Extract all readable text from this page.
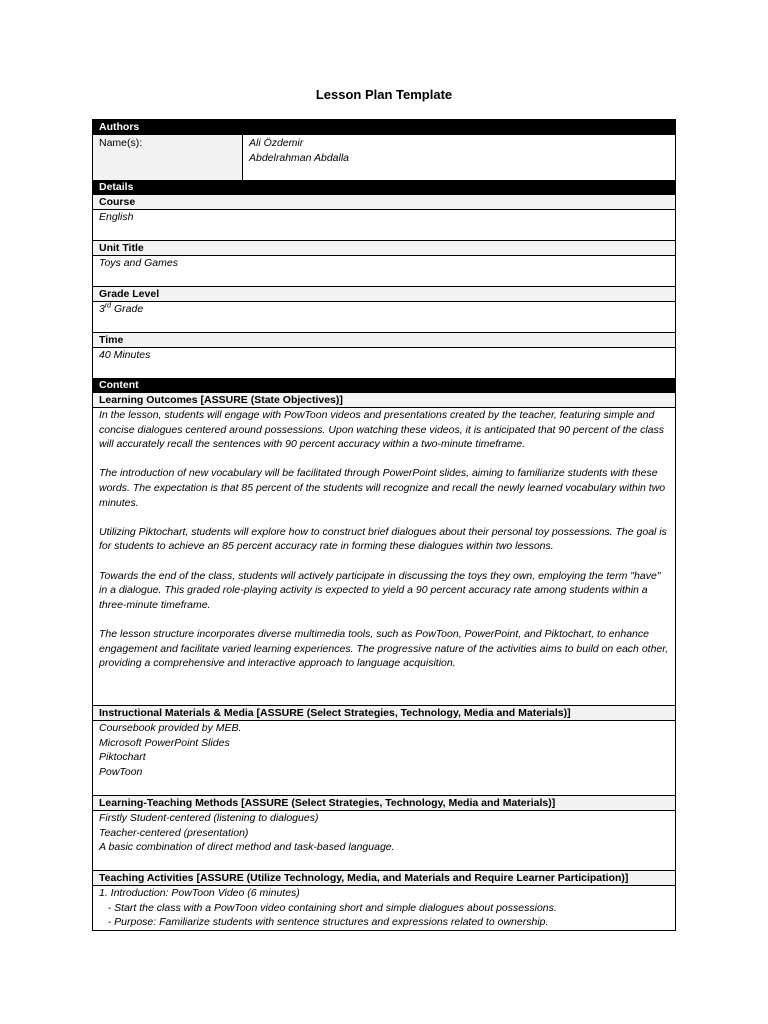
Lesson Plan Template
Authors
Name(s):	Ali Özdemir
Abdelrahman Abdalla
Details
Course
English
Unit Title
Toys and Games
Grade Level
3rd Grade
Time
40 Minutes
Content
Learning Outcomes [ASSURE (State Objectives)]

In the lesson, students will engage with PowToon videos and presentations created by the teacher, featuring simple and concise dialogues centered around possessions. Upon watching these videos, it is anticipated that 90 percent of the class will accurately recall the sentences with 90 percent accuracy within a two-minute timeframe.

The introduction of new vocabulary will be facilitated through PowerPoint slides, aiming to familiarize students with these words. The expectation is that 85 percent of the students will recognize and recall the newly learned vocabulary within two minutes.

Utilizing Piktochart, students will explore how to construct brief dialogues about their personal toy possessions. The goal is for students to achieve an 85 percent accuracy rate in forming these dialogues within two lessons.

Towards the end of the class, students will actively participate in discussing the toys they own, employing the term "have" in a dialogue. This graded role-playing activity is expected to yield a 90 percent accuracy rate among students within a three-minute timeframe.

The lesson structure incorporates diverse multimedia tools, such as PowToon, PowerPoint, and Piktochart, to enhance engagement and facilitate varied learning experiences. The progressive nature of the activities aims to build on each other, providing a comprehensive and interactive approach to language acquisition.

Instructional Materials & Media [ASSURE (Select Strategies, Technology, Media and Materials)]
Coursebook provided by MEB.
Microsoft PowerPoint Slides
Piktochart
PowToon
Learning-Teaching Methods [ASSURE (Select Strategies, Technology, Media and Materials)]
Firstly Student-centered (listening to dialogues)
Teacher-centered (presentation)
A basic combination of direct method and task-based language.
Teaching Activities [ASSURE (Utilize Technology, Media, and Materials and Require Learner Participation)]
1. Introduction: PowToon Video (6 minutes)
- Start the class with a PowToon video containing short and simple dialogues about possessions.
- Purpose: Familiarize students with sentence structures and expressions related to ownership.
